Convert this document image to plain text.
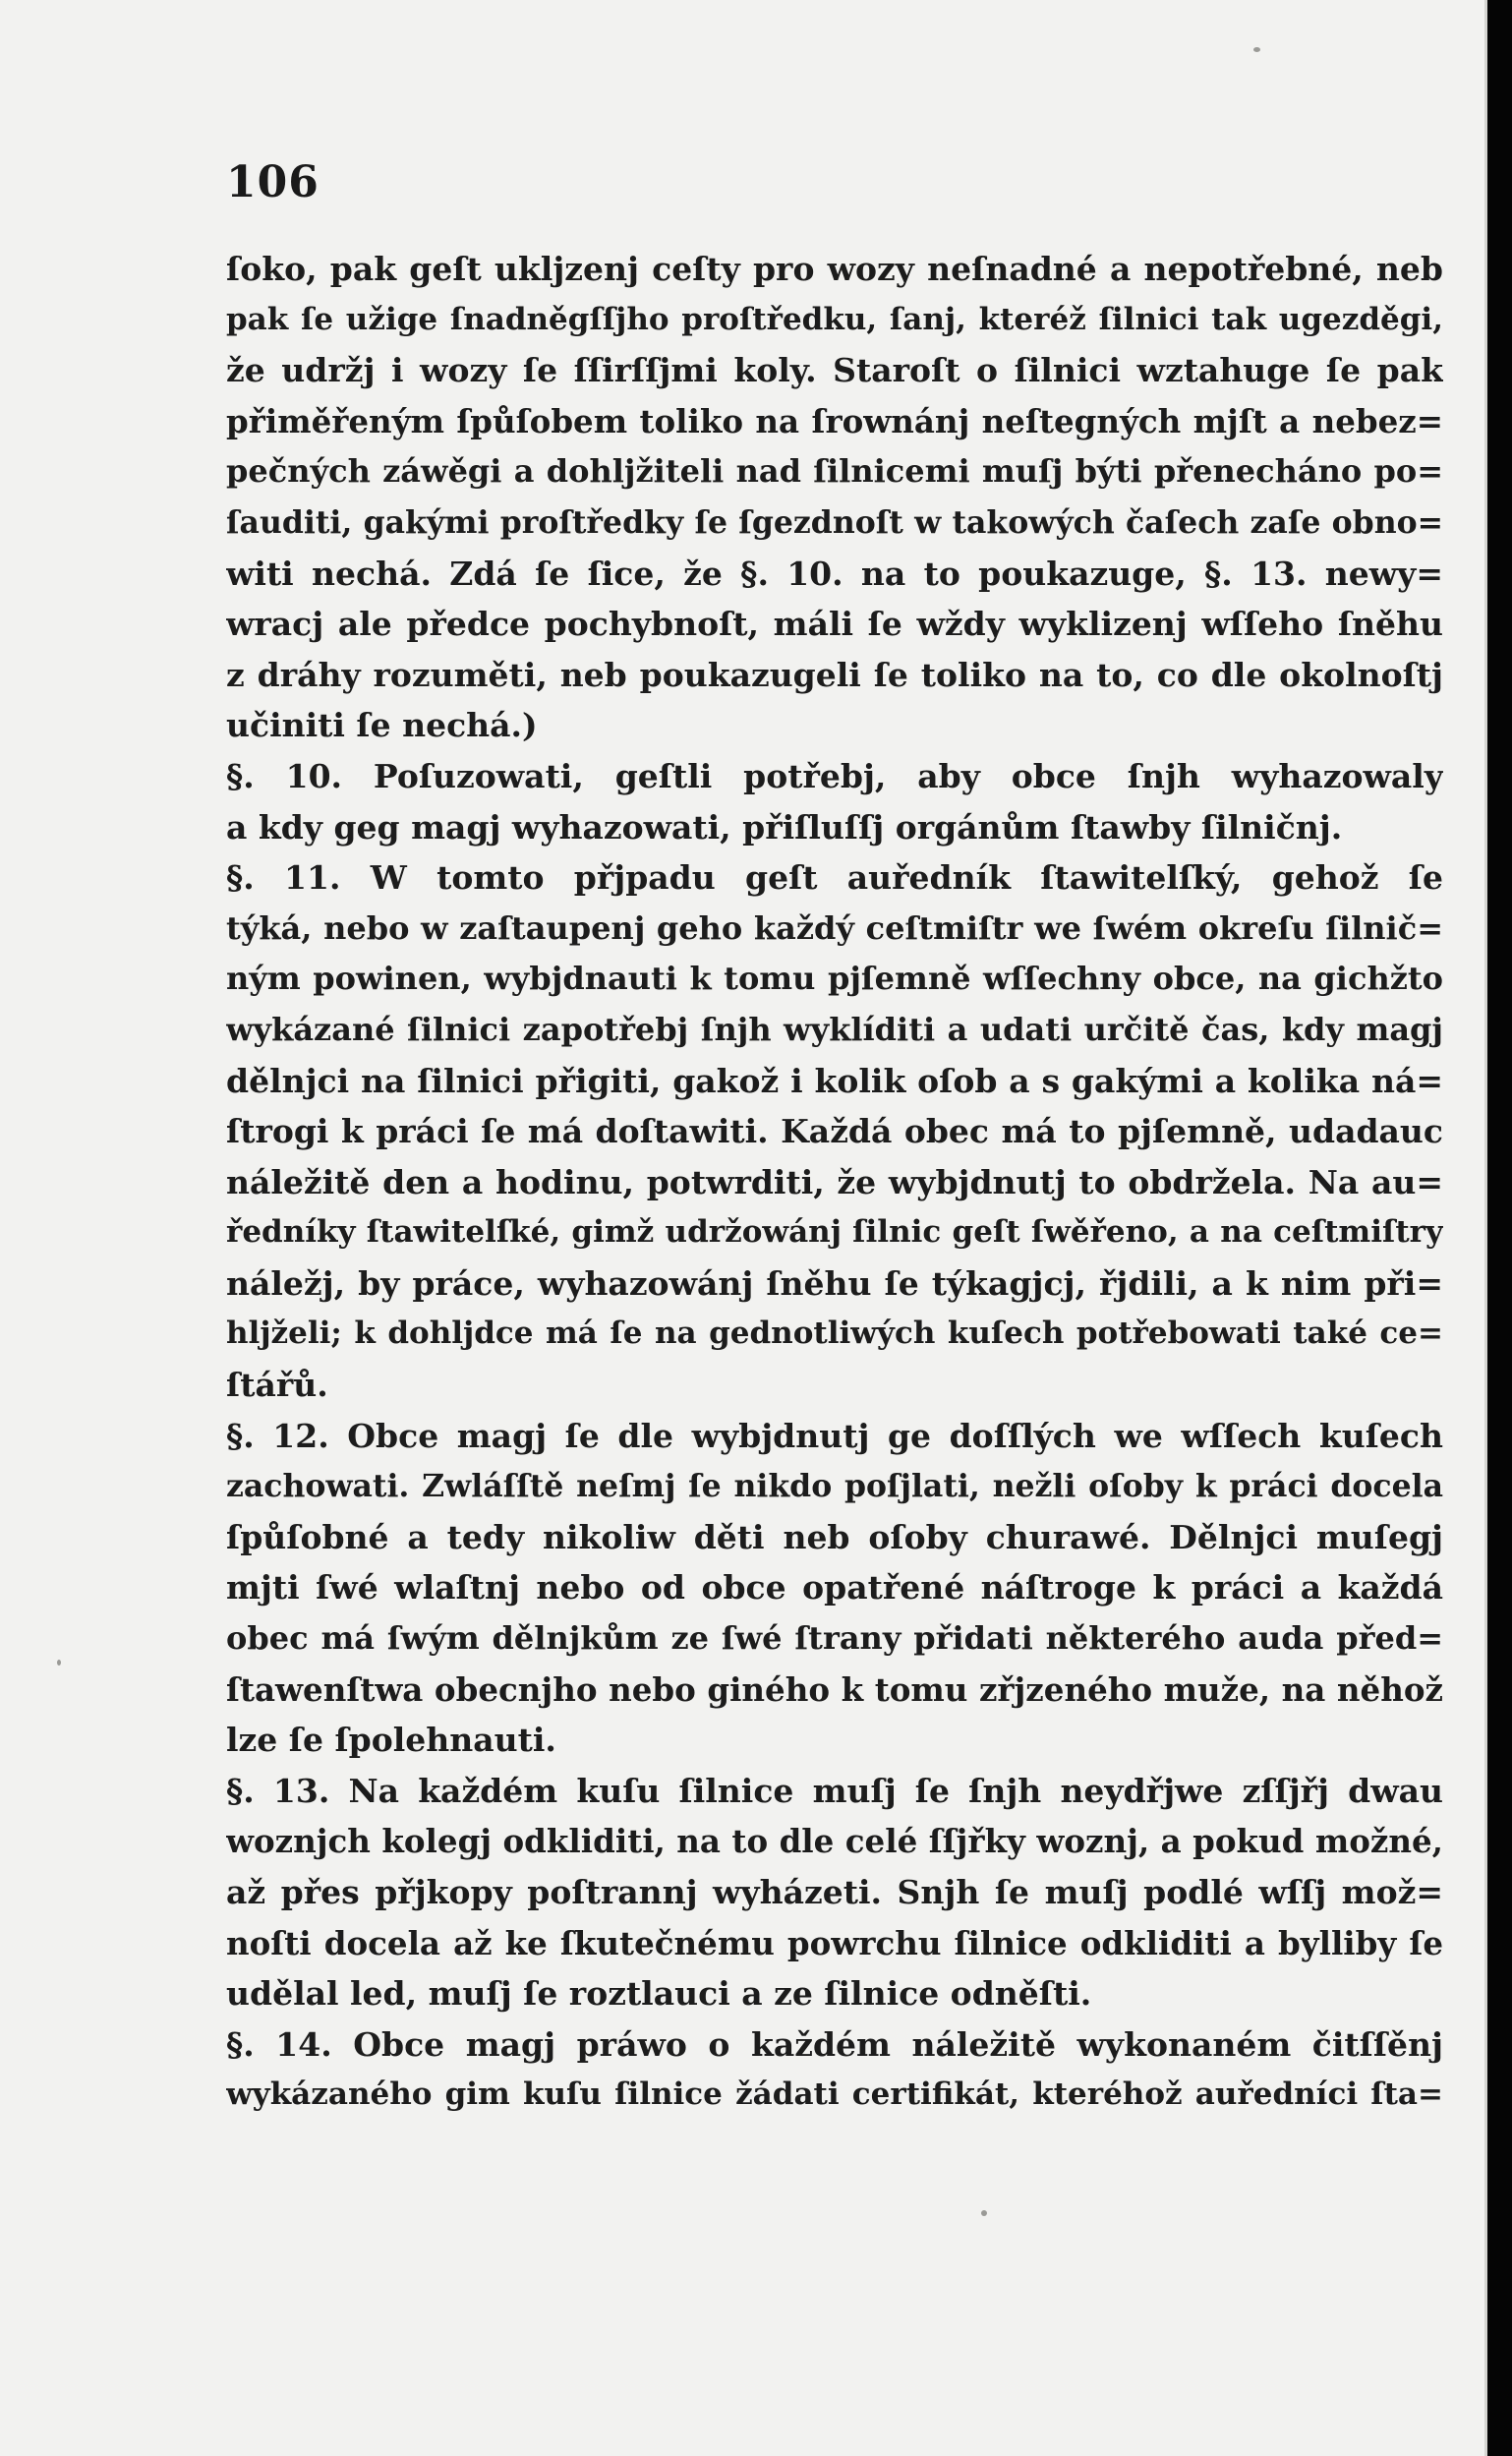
106
ſoko, pak geſt ukljzenj ceſty pro wozy neſnadné a nepotřebné, neb
pak ſe užige ſnadněgſſjho proſtředku, ſanj, kteréž ſilnici tak ugezděgi,
že udržj i wozy ſe ſſirſſjmi koly. Staroſt o ſilnici wztahuge ſe pak
přiměřeným ſpůſobem toliko na ſrownánj neſtegných mjſt a nebez=
pečných záwěgi a dohljžiteli nad ſilnicemi muſj býti přenecháno po=
ſauditi, gakými proſtředky ſe ſgezdnoſt w takowých čaſech zaſe obno=
witi nechá. Zdá ſe ſice, že §. 10. na to poukazuge, §. 13. newy=
wracj ale předce pochybnoſt, máli ſe wždy wyklizenj wſſeho ſněhu
z dráhy rozuměti, neb poukazugeli ſe toliko na to, co dle okolnoſtj
učiniti ſe nechá.)
§. 10. Poſuzowati, geſtli potřebj, aby obce ſnjh wyhazowaly
a kdy geg magj wyhazowati, přiſluſſj orgánům ſtawby ſilničnj.
§. 11. W tomto přjpadu geſt auředník ſtawitelſký, gehož ſe
týká, nebo w zaſtaupenj geho každý ceſtmiſtr we ſwém okreſu ſilnič=
ným powinen, wybjdnauti k tomu pjſemně wſſechny obce, na gichžto
wykázané ſilnici zapotřebj ſnjh wyklíditi a udati určitě čas, kdy magj
dělnjci na ſilnici přigiti, gakož i kolik oſob a s gakými a kolika ná=
ſtrogi k práci ſe má doſtawiti. Každá obec má to pjſemně, udadauc
náležitě den a hodinu, potwrditi, že wybjdnutj to obdržela. Na au=
ředníky ſtawitelſké, gimž udržowánj ſilnic geſt ſwěřeno, a na ceſtmiſtry
náležj, by práce, wyhazowánj ſněhu ſe týkagjcj, řjdili, a k nim při=
hljželi; k dohljdce má ſe na gednotliwých kuſech potřebowati také ce=
ſtářů.
§. 12. Obce magj ſe dle wybjdnutj ge doſſlých we wſſech kuſech
zachowati. Zwláſſtě neſmj ſe nikdo poſjlati, nežli oſoby k práci docela
ſpůſobné a tedy nikoliw děti neb oſoby churawé. Dělnjci muſegj
mjti ſwé wlaſtnj nebo od obce opatřené náſtroge k práci a každá
obec má ſwým dělnjkům ze ſwé ſtrany přidati některého auda před=
ſtawenſtwa obecnjho nebo giného k tomu zřjzeného muže, na něhož
lze ſe ſpolehnauti.
§. 13. Na každém kuſu ſilnice muſj ſe ſnjh neydřjwe zſſjřj dwau
woznjch kolegj odkliditi, na to dle celé ſſjřky woznj, a pokud možné,
až přes přjkopy poſtrannj wyházeti. Snjh ſe muſj podlé wſſj mož=
noſti docela až ke ſkutečnému powrchu ſilnice odkliditi a bylliby ſe
udělal led, muſj ſe roztlauci a ze ſilnice odněſti.
§. 14. Obce magj práwo o každém náležitě wykonaném čitſſěnj
wykázaného gim kuſu ſilnice žádati certifikát, kteréhož auředníci ſta=
